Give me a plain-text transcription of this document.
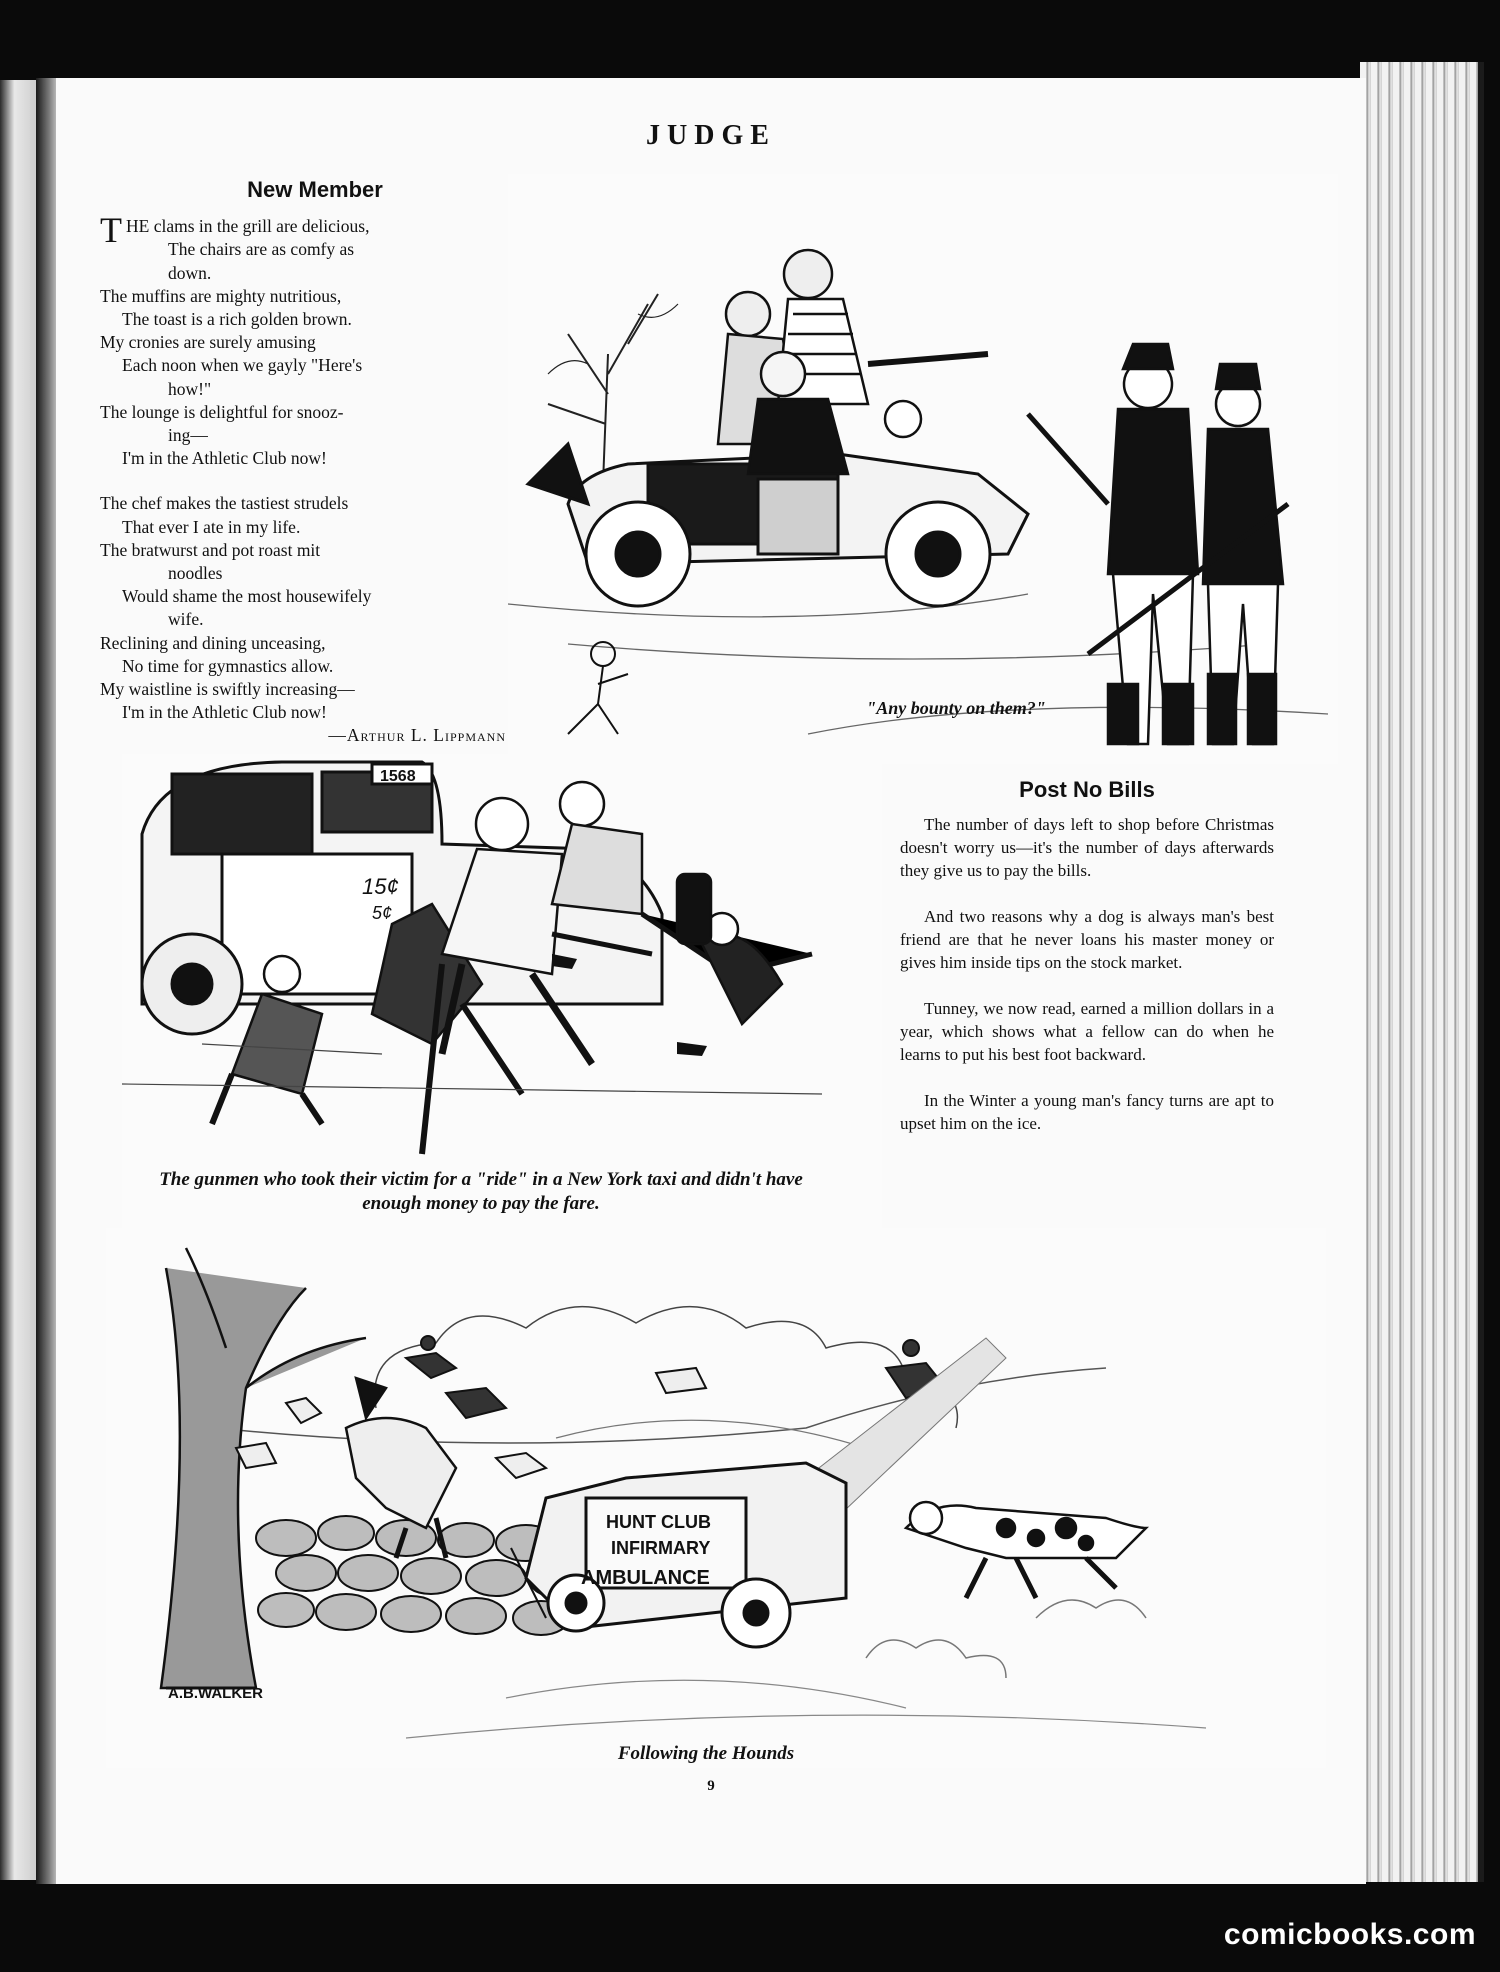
JUDGE
New Member
THE clams in the grill are delicious,
The chairs are as comfy as
down.
The muffins are mighty nutritious,
The toast is a rich golden brown.
My cronies are surely amusing
Each noon when we gayly "Here's
how!"
The lounge is delightful for snooz-
ing—
I'm in the Athletic Club now!
The chef makes the tastiest strudels
That ever I ate in my life.
The bratwurst and pot roast mit
noodles
Would shame the most housewifely
wife.
Reclining and dining unceasing,
No time for gymnastics allow.
My waistline is swiftly increasing—
I'm in the Athletic Club now!
—Arthur L. Lippmann
"Any bounty on them?"
1568
15¢
5¢
The gunmen who took their victim for a "ride" in a New York taxi and didn't have enough money to pay the fare.
Post No Bills

The number of days left to shop before Christmas doesn't worry us—it's the number of days afterwards they give us to pay the bills.

And two reasons why a dog is always man's best friend are that he never loans his master money or gives him inside tips on the stock market.

Tunney, we now read, earned a million dollars in a year, which shows what a fellow can do when he learns to put his best foot backward.

In the Winter a young man's fancy turns are apt to upset him on the ice.

A.B.WALKER
HUNT CLUB
INFIRMARY
AMBULANCE
Following the Hounds
9
comicbooks.com
